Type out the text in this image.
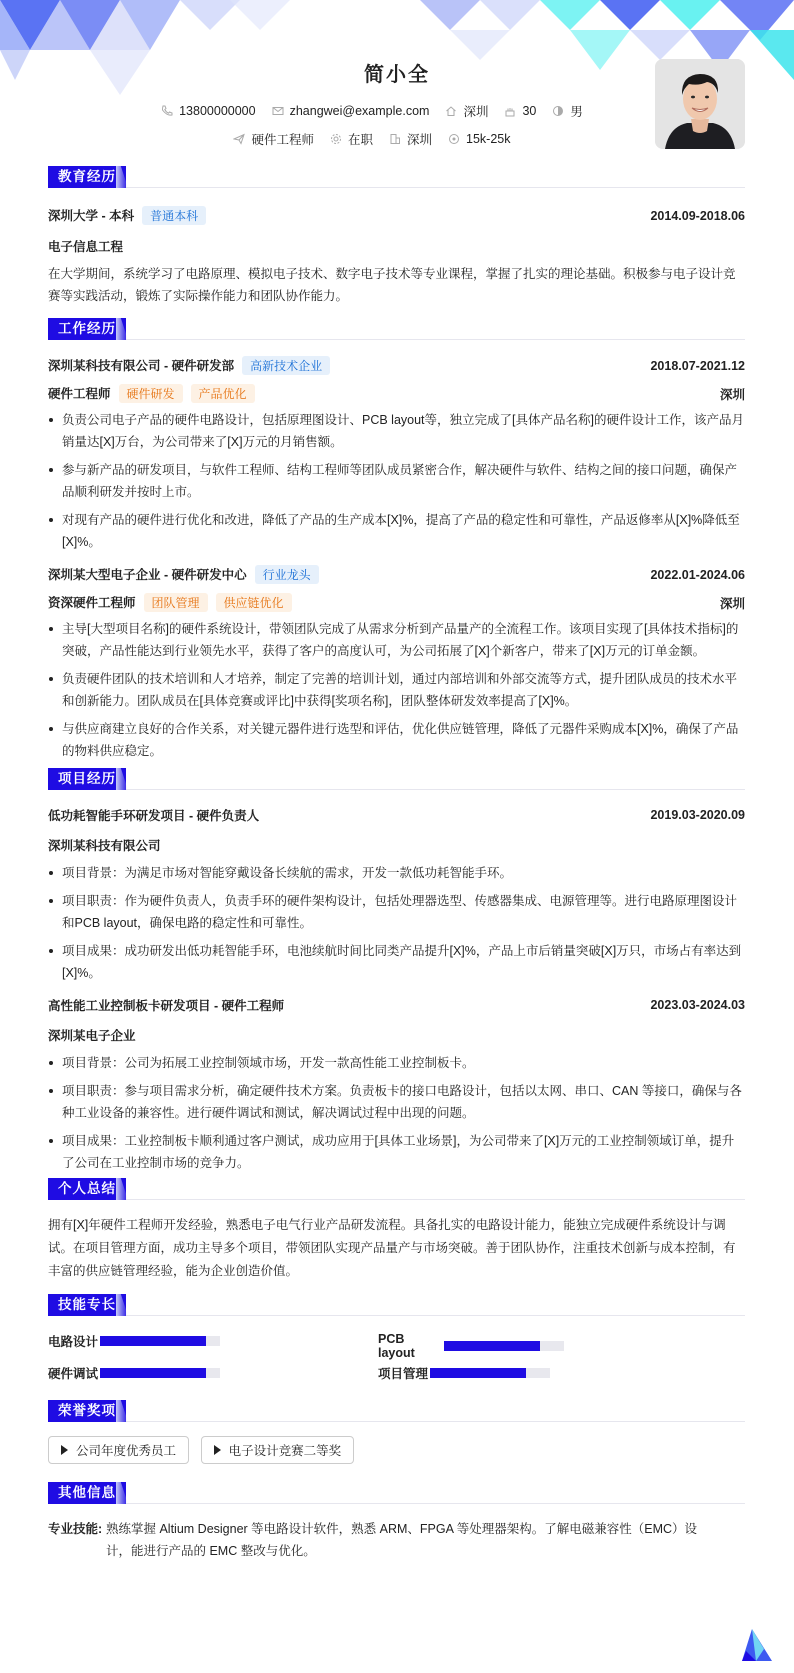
简小全
13800000000	zhangwei@example.com	深圳	30	男
硬件工程师	在职	深圳	15k-25k
教育经历
深圳大学 - 本科 普通本科	2014.09-2018.06
电子信息工程
在大学期间，系统学习了电路原理、模拟电子技术、数字电子技术等专业课程，掌握了扎实的理论基础。积极参与电子设计竞赛等实践活动，锻炼了实际操作能力和团队协作能力。
工作经历
深圳某科技有限公司 - 硬件研发部 高新技术企业	2018.07-2021.12
硬件工程师 硬件研发 产品优化	深圳
负责公司电子产品的硬件电路设计，包括原理图设计、PCB layout等，独立完成了[具体产品名称]的硬件设计工作，该产品月销量达[X]万台，为公司带来了[X]万元的月销售额。
参与新产品的研发项目，与软件工程师、结构工程师等团队成员紧密合作，解决硬件与软件、结构之间的接口问题，确保产品顺利研发并按时上市。
对现有产品的硬件进行优化和改进，降低了产品的生产成本[X]%，提高了产品的稳定性和可靠性，产品返修率从[X]%降低至[X]%。
深圳某大型电子企业 - 硬件研发中心 行业龙头	2022.01-2024.06
资深硬件工程师 团队管理 供应链优化	深圳
主导[大型项目名称]的硬件系统设计，带领团队完成了从需求分析到产品量产的全流程工作。该项目实现了[具体技术指标]的突破，产品性能达到行业领先水平，获得了客户的高度认可，为公司拓展了[X]个新客户，带来了[X]万元的订单金额。
负责硬件团队的技术培训和人才培养，制定了完善的培训计划，通过内部培训和外部交流等方式，提升团队成员的技术水平和创新能力。团队成员在[具体竞赛或评比]中获得[奖项名称]，团队整体研发效率提高了[X]%。
与供应商建立良好的合作关系，对关键元器件进行选型和评估，优化供应链管理，降低了元器件采购成本[X]%，确保了产品的物料供应稳定。
项目经历
低功耗智能手环研发项目 - 硬件负责人	2019.03-2020.09
深圳某科技有限公司
项目背景：为满足市场对智能穿戴设备长续航的需求，开发一款低功耗智能手环。
项目职责：作为硬件负责人，负责手环的硬件架构设计，包括处理器选型、传感器集成、电源管理等。进行电路原理图设计和PCB layout，确保电路的稳定性和可靠性。
项目成果：成功研发出低功耗智能手环，电池续航时间比同类产品提升[X]%，产品上市后销量突破[X]万只，市场占有率达到[X]%。
高性能工业控制板卡研发项目 - 硬件工程师	2023.03-2024.03
深圳某电子企业
项目背景：公司为拓展工业控制领域市场，开发一款高性能工业控制板卡。
项目职责：参与项目需求分析，确定硬件技术方案。负责板卡的接口电路设计，包括以太网、串口、CAN 等接口，确保与各种工业设备的兼容性。进行硬件调试和测试，解决调试过程中出现的问题。
项目成果：工业控制板卡顺利通过客户测试，成功应用于[具体工业场景]，为公司带来了[X]万元的工业控制领域订单，提升了公司在工业控制市场的竞争力。
个人总结
拥有[X]年硬件工程师开发经验，熟悉电子电气行业产品研发流程。具备扎实的电路设计能力，能独立完成硬件系统设计与调试。在项目管理方面，成功主导多个项目，带领团队实现产品量产与市场突破。善于团队协作，注重技术创新与成本控制，有丰富的供应链管理经验，能为企业创造价值。
技能专长
电路设计	PCB layout
硬件调试	项目管理
荣誉奖项
公司年度优秀员工
	电子设计竞赛二等奖
其他信息
专业技能: 熟练掌握 Altium Designer 等电路设计软件，熟悉 ARM、FPGA 等处理器架构。了解电磁兼容性（EMC）设计，能进行产品的 EMC 整改与优化。
